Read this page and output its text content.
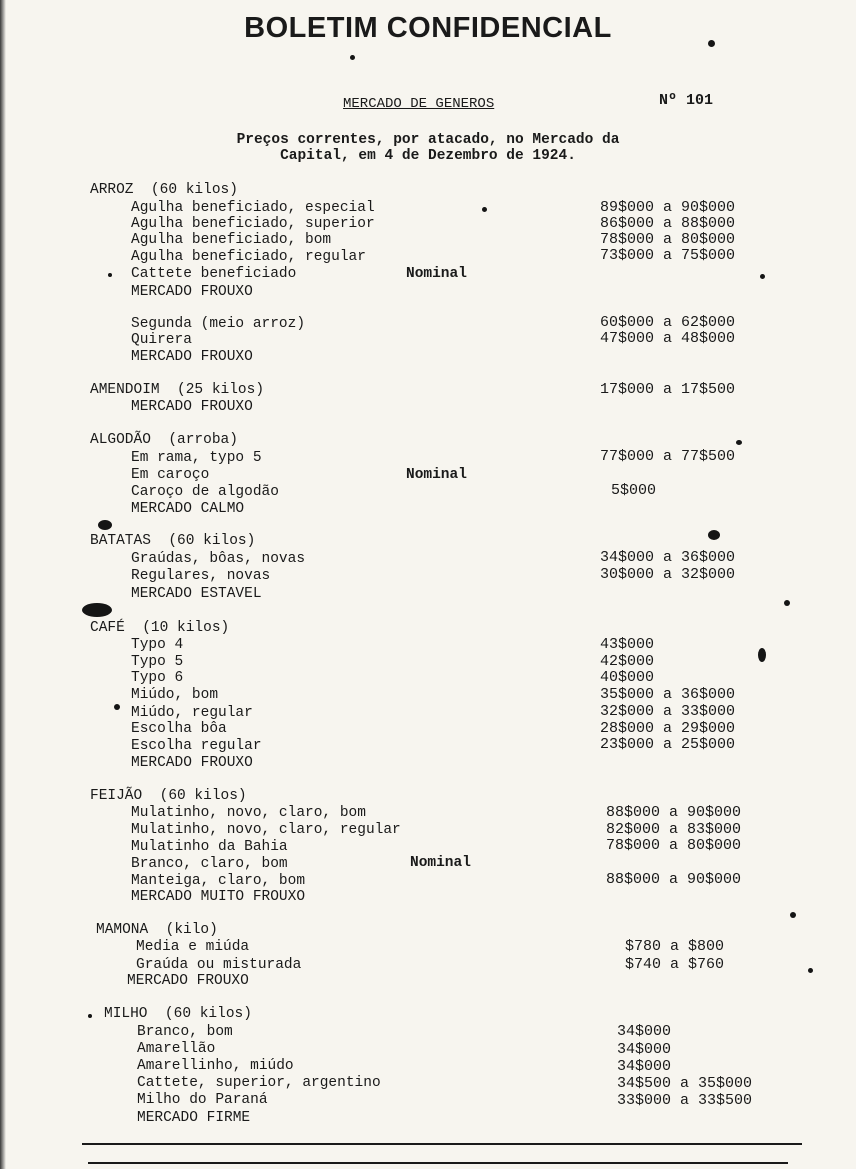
BOLETIM CONFIDENCIAL
MERCADO DE GENEROS	Nº 101
Preços correntes, por atacado, no Mercado da
Capital, em 4 de Dezembro de 1924.
ARROZ  (60 kilos)
Agulha beneficiado, especial	89$000 a 90$000
Agulha beneficiado, superior	86$000 a 88$000
Agulha beneficiado, bom	78$000 a 80$000
Agulha beneficiado, regular	73$000 a 75$000
Cattete beneficiado	Nominal
MERCADO FROUXO
Segunda (meio arroz)	60$000 a 62$000
Quirera	47$000 a 48$000
MERCADO FROUXO
AMENDOIM  (25 kilos)	17$000 a 17$500
MERCADO FROUXO
ALGODÃO  (arroba)
Em rama, typo 5	77$000 a 77$500
Em caroço	Nominal
Caroço de algodão	5$000
MERCADO CALMO
BATATAS  (60 kilos)
Graúdas, bôas, novas	34$000 a 36$000
Regulares, novas	30$000 a 32$000
MERCADO ESTAVEL
CAFÉ  (10 kilos)
Typo 4	43$000
Typo 5	42$000
Typo 6	40$000
Miúdo, bom	35$000 a 36$000
Miúdo, regular	32$000 a 33$000
Escolha bôa	28$000 a 29$000
Escolha regular	23$000 a 25$000
MERCADO FROUXO
FEIJÃO  (60 kilos)
Mulatinho, novo, claro, bom	88$000 a 90$000
Mulatinho, novo, claro, regular	82$000 a 83$000
Mulatinho da Bahia	78$000 a 80$000
Branco, claro, bom	Nominal
Manteiga, claro, bom	88$000 a 90$000
MERCADO MUITO FROUXO
MAMONA  (kilo)
Media e miúda	$780 a $800
Graúda ou misturada	$740 a $760
MERCADO FROUXO
MILHO  (60 kilos)
Branco, bom	34$000
Amarellão	34$000
Amarellinho, miúdo	34$000
Cattete, superior, argentino	34$500 a 35$000
Milho do Paraná	33$000 a 33$500
MERCADO FIRME
